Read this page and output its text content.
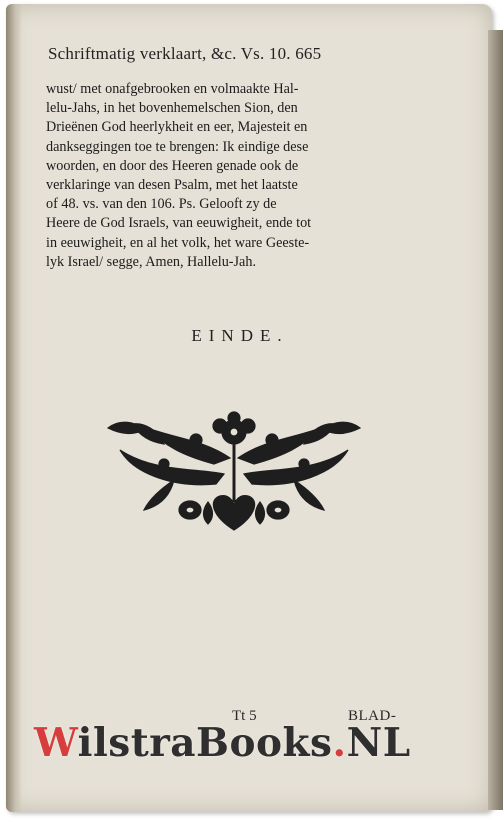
Schriftmatig verklaart, &c. Vs. 10. 665
wust/ met onafgebrooken en volmaakte Hal-
lelu-Jahs, in het bovenhemelschen Sion, den
Drieënen God heerlykheit en eer, Majesteit en
dankseggingen toe te brengen: Ik eindige dese
woorden, en door des Heeren genade ook de
verklaringe van desen Psalm, met het laatste
of 48. vs. van den 106. Ps. Gelooft zy de
Heere de God Israels, van eeuwigheit, ende tot
in eeuwigheit, en al het volk, het ware Geeste-
lyk Israel/ segge, Amen, Hallelu-Jah.
EINDE.
Tt 5	BLAD-
WilstraBooks.NL
